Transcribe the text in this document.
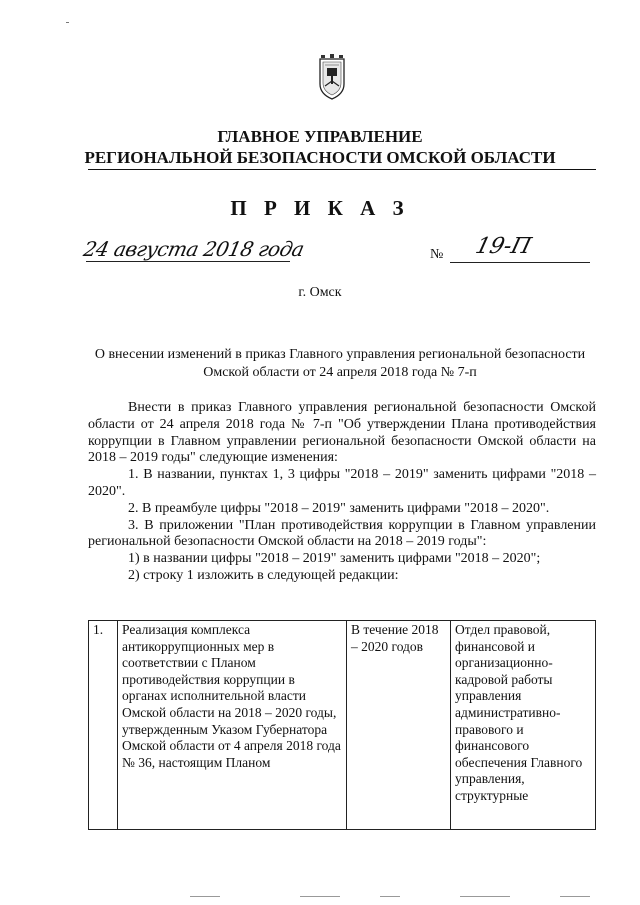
ГЛАВНОЕ УПРАВЛЕНИЕ
РЕГИОНАЛЬНОЙ БЕЗОПАСНОСТИ ОМСКОЙ ОБЛАСТИ
П Р И К А З
24 августа 2018 года	№ 19-П
г. Омск
О внесении изменений в приказ Главного управления региональной безопасности Омской области от 24 апреля 2018 года № 7-п

Внести в приказ Главного управления региональной безопасности Омской области от 24 апреля 2018 года № 7-п "Об утверждении Плана противодействия коррупции в Главном управлении региональной безопасности Омской области на 2018 – 2019 годы" следующие изменения:

1. В названии, пунктах 1, 3 цифры "2018 – 2019" заменить цифрами "2018 – 2020".

2. В преамбуле цифры "2018 – 2019" заменить цифрами "2018 – 2020".

3. В приложении "План противодействия коррупции в Главном управлении региональной безопасности Омской области на 2018 – 2019 годы":

1) в названии цифры "2018 – 2019" заменить цифрами "2018 – 2020";

2) строку 1 изложить в следующей редакции:

1.	Реализация комплекса антикоррупционных мер в соответствии с Планом противодействия коррупции в органах исполнительной власти Омской области на 2018 – 2020 годы, утвержденным Указом Губернатора Омской области от 4 апреля 2018 года № 36, настоящим Планом	В течение 2018 – 2020 годов	Отдел правовой, финансовой и организационно-кадровой работы управления административно-правового и финансового обеспечения Главного управления, структурные
